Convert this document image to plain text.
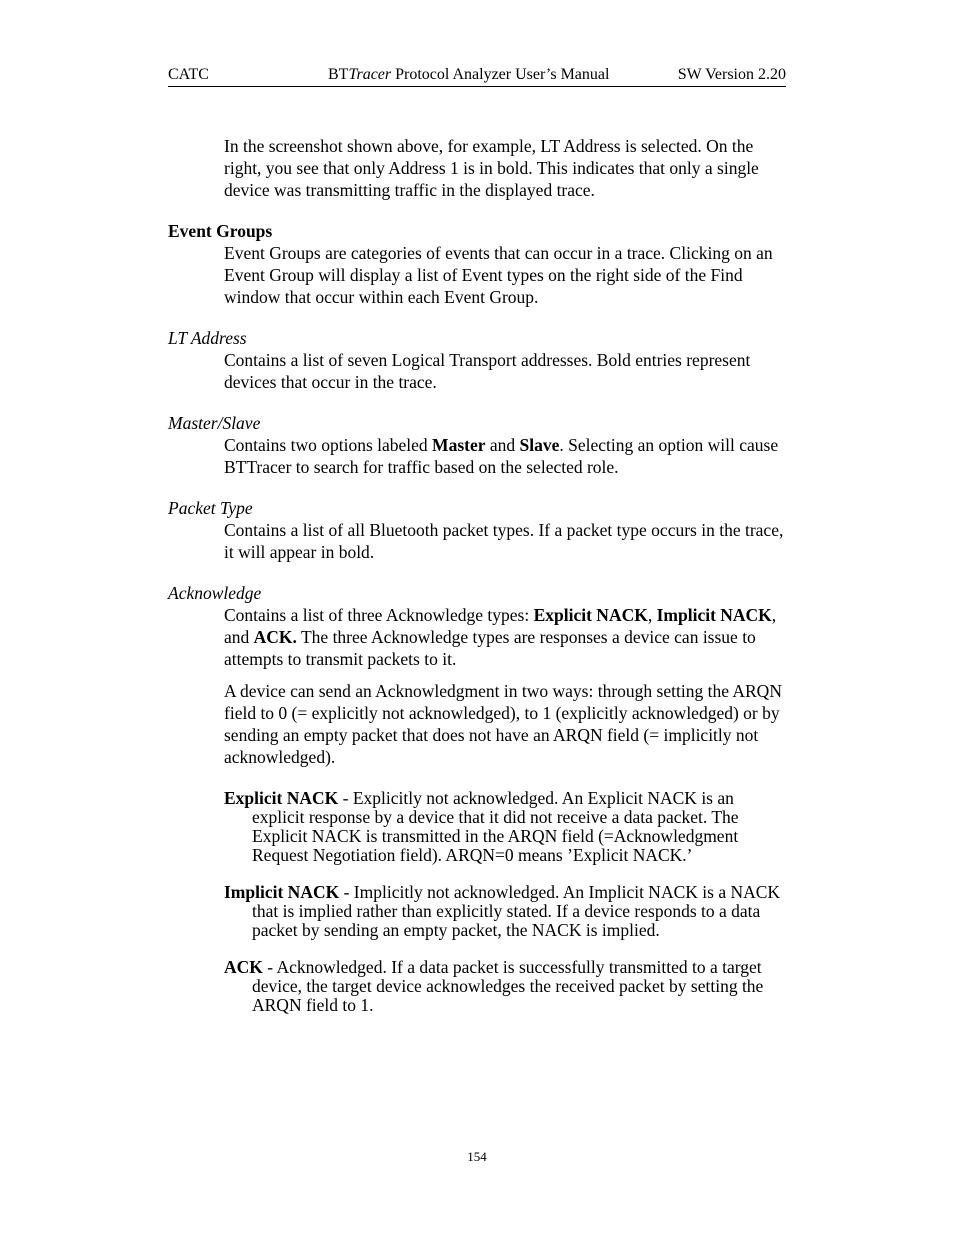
CATC	BTTracer Protocol Analyzer User’s Manual	SW Version 2.20

In the screenshot shown above, for example, LT Address is selected. On the right, you see that only Address 1 is in bold. This indicates that only a single device was transmitting traffic in the displayed trace.

Event Groups

Event Groups are categories of events that can occur in a trace. Clicking on an Event Group will display a list of Event types on the right side of the Find window that occur within each Event Group.

LT Address

Contains a list of seven Logical Transport addresses. Bold entries represent devices that occur in the trace.

Master/Slave

Contains two options labeled Master and Slave. Selecting an option will cause BTTracer to search for traffic based on the selected role.

Packet Type

Contains a list of all Bluetooth packet types. If a packet type occurs in the trace, it will appear in bold.

Acknowledge

Contains a list of three Acknowledge types: Explicit NACK, Implicit NACK, and ACK. The three Acknowledge types are responses a device can issue to attempts to transmit packets to it.

A device can send an Acknowledgment in two ways: through setting the ARQN field to 0 (= explicitly not acknowledged), to 1 (explicitly acknowledged) or by sending an empty packet that does not have an ARQN field (= implicitly not acknowledged).

Explicit NACK - Explicitly not acknowledged. An Explicit NACK is an explicit response by a device that it did not receive a data packet. The Explicit NACK is transmitted in the ARQN field (=Acknowledgment Request Negotiation field). ARQN=0 means ’Explicit NACK.’

Implicit NACK - Implicitly not acknowledged. An Implicit NACK is a NACK that is implied rather than explicitly stated. If a device responds to a data packet by sending an empty packet, the NACK is implied.

ACK - Acknowledged. If a data packet is successfully transmitted to a target device, the target device acknowledges the received packet by setting the ARQN field to 1.

154
